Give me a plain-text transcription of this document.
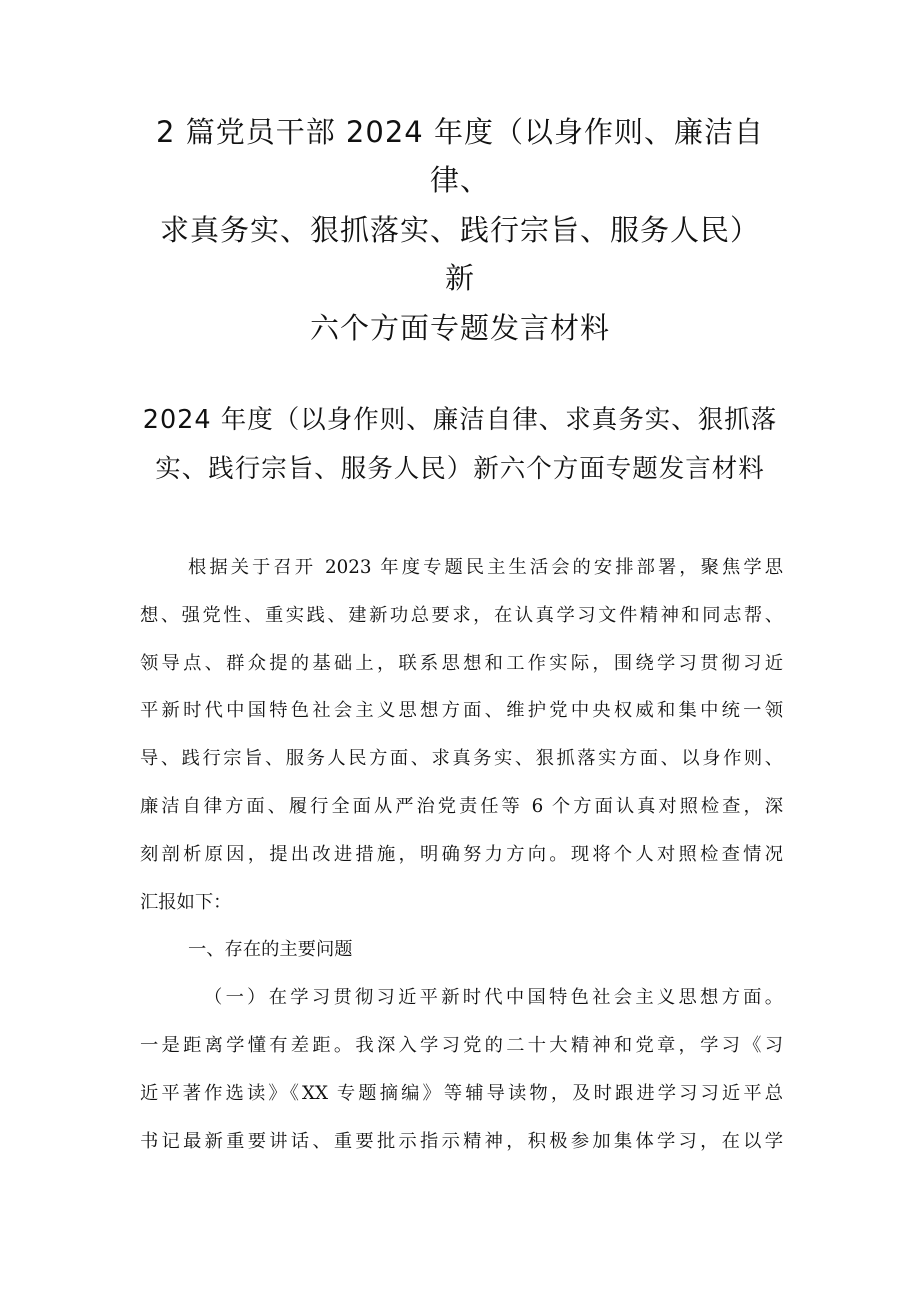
2 篇党员干部 2024 年度（以身作则、廉洁自
律、
求真务实、狠抓落实、践行宗旨、服务人民）
新
六个方面专题发言材料
2024 年度（以身作则、廉洁自律、求真务实、狠抓落
实、践行宗旨、服务人民）新六个方面专题发言材料
根据关于召开 2023 年度专题民主生活会的安排部署，聚焦学思
想、强党性、重实践、建新功总要求，在认真学习文件精神和同志帮、
领导点、群众提的基础上，联系思想和工作实际，围绕学习贯彻习近
平新时代中国特色社会主义思想方面、维护党中央权威和集中统一领
导、践行宗旨、服务人民方面、求真务实、狠抓落实方面、以身作则、
廉洁自律方面、履行全面从严治党责任等 6 个方面认真对照检查，深
刻剖析原因，提出改进措施，明确努力方向。现将个人对照检查情况
汇报如下：
一、存在的主要问题
（一）在学习贯彻习近平新时代中国特色社会主义思想方面。
一是距离学懂有差距。我深入学习党的二十大精神和党章，学习《习
近平著作选读》《XX 专题摘编》等辅导读物，及时跟进学习习近平总
书记最新重要讲话、重要批示指示精神，积极参加集体学习，在以学
